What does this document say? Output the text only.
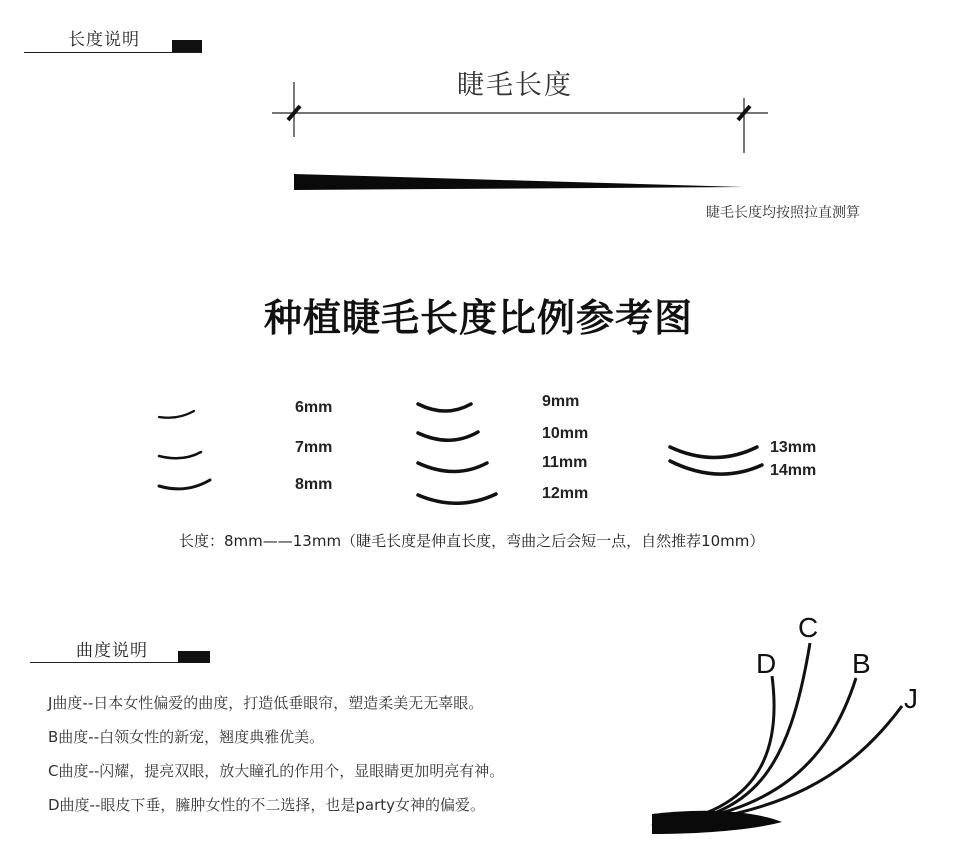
长度说明
睫毛长度
睫毛长度均按照拉直测算
种植睫毛长度比例参考图
6mm
7mm
8mm
9mm
10mm
11mm
12mm
13mm
14mm
长度：8mm——13mm（睫毛长度是伸直长度，弯曲之后会短一点，自然推荐10mm）
曲度说明
J曲度--日本女性偏爱的曲度，打造低垂眼帘，塑造柔美无无辜眼。
B曲度--白领女性的新宠，翘度典雅优美。
C曲度--闪耀，提亮双眼，放大瞳孔的作用个，显眼睛更加明亮有神。
D曲度--眼皮下垂，臃肿女性的不二选择，也是party女神的偏爱。
C
D	B
J
